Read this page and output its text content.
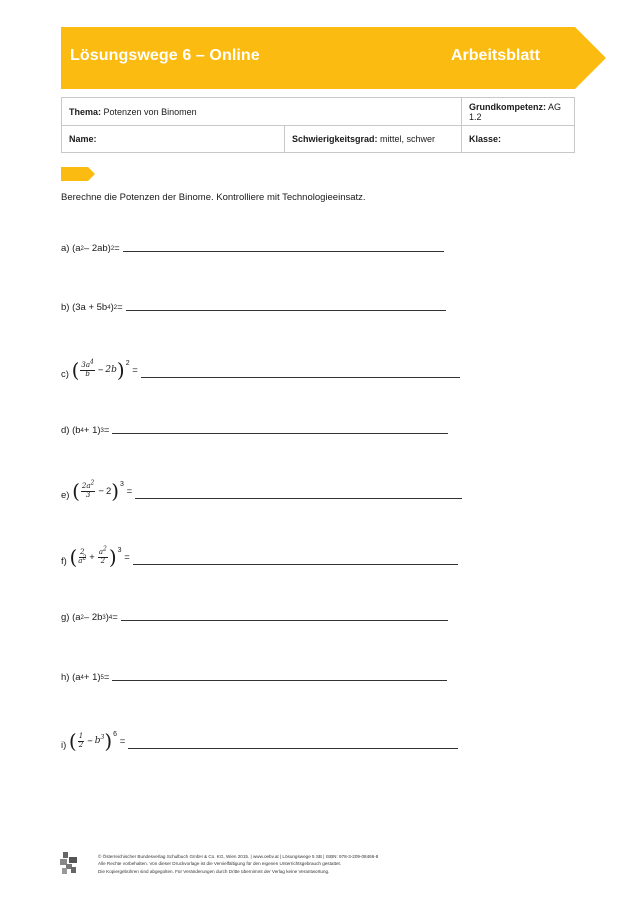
Lösungswege 6 – Online	Arbeitsblatt
Thema: Potenzen von Binomen		Grundkompetenz: AG 1.2
Name:	Schwierigkeitsgrad: mittel, schwer	Klasse:
Berechne die Potenzen der Binome. Kontrolliere mit Technologieeinsatz.
a)
(a 2 – 2ab) 2 =
b)
(3a + 5b 4 ) 2 =
c)
( $\frac{3a^4}{b} - 2b$ ) 2
=
d)
(b 4 + 1) 3 =
e)
( $\frac{2a^2}{3} - 2$ ) 3
=
f)
( $\frac{2}{a^2} + \frac{a^2}{2}$ ) 3
=
g)
(a 2 – 2b 3 ) 4 =
h)
(a 4 + 1) 5 =
i)
( $\frac{1}{2} - b^3$ ) 6
=
© Österreichischer Bundesverlag Schulbuch GmbH & Co. KG, Wien 2015. | www.oebv.at | Lösungswege 5 SB | ISBN: 978-3-209-08466-8
Alle Rechte vorbehalten. Von dieser Druckvorlage ist die Vervielfältigung für den eigenen Unterrichtsgebrauch gestattet.
Die Kopiergebühren sind abgegolten. Für Veränderungen durch Dritte übernimmt der Verlag keine Verantwortung.
